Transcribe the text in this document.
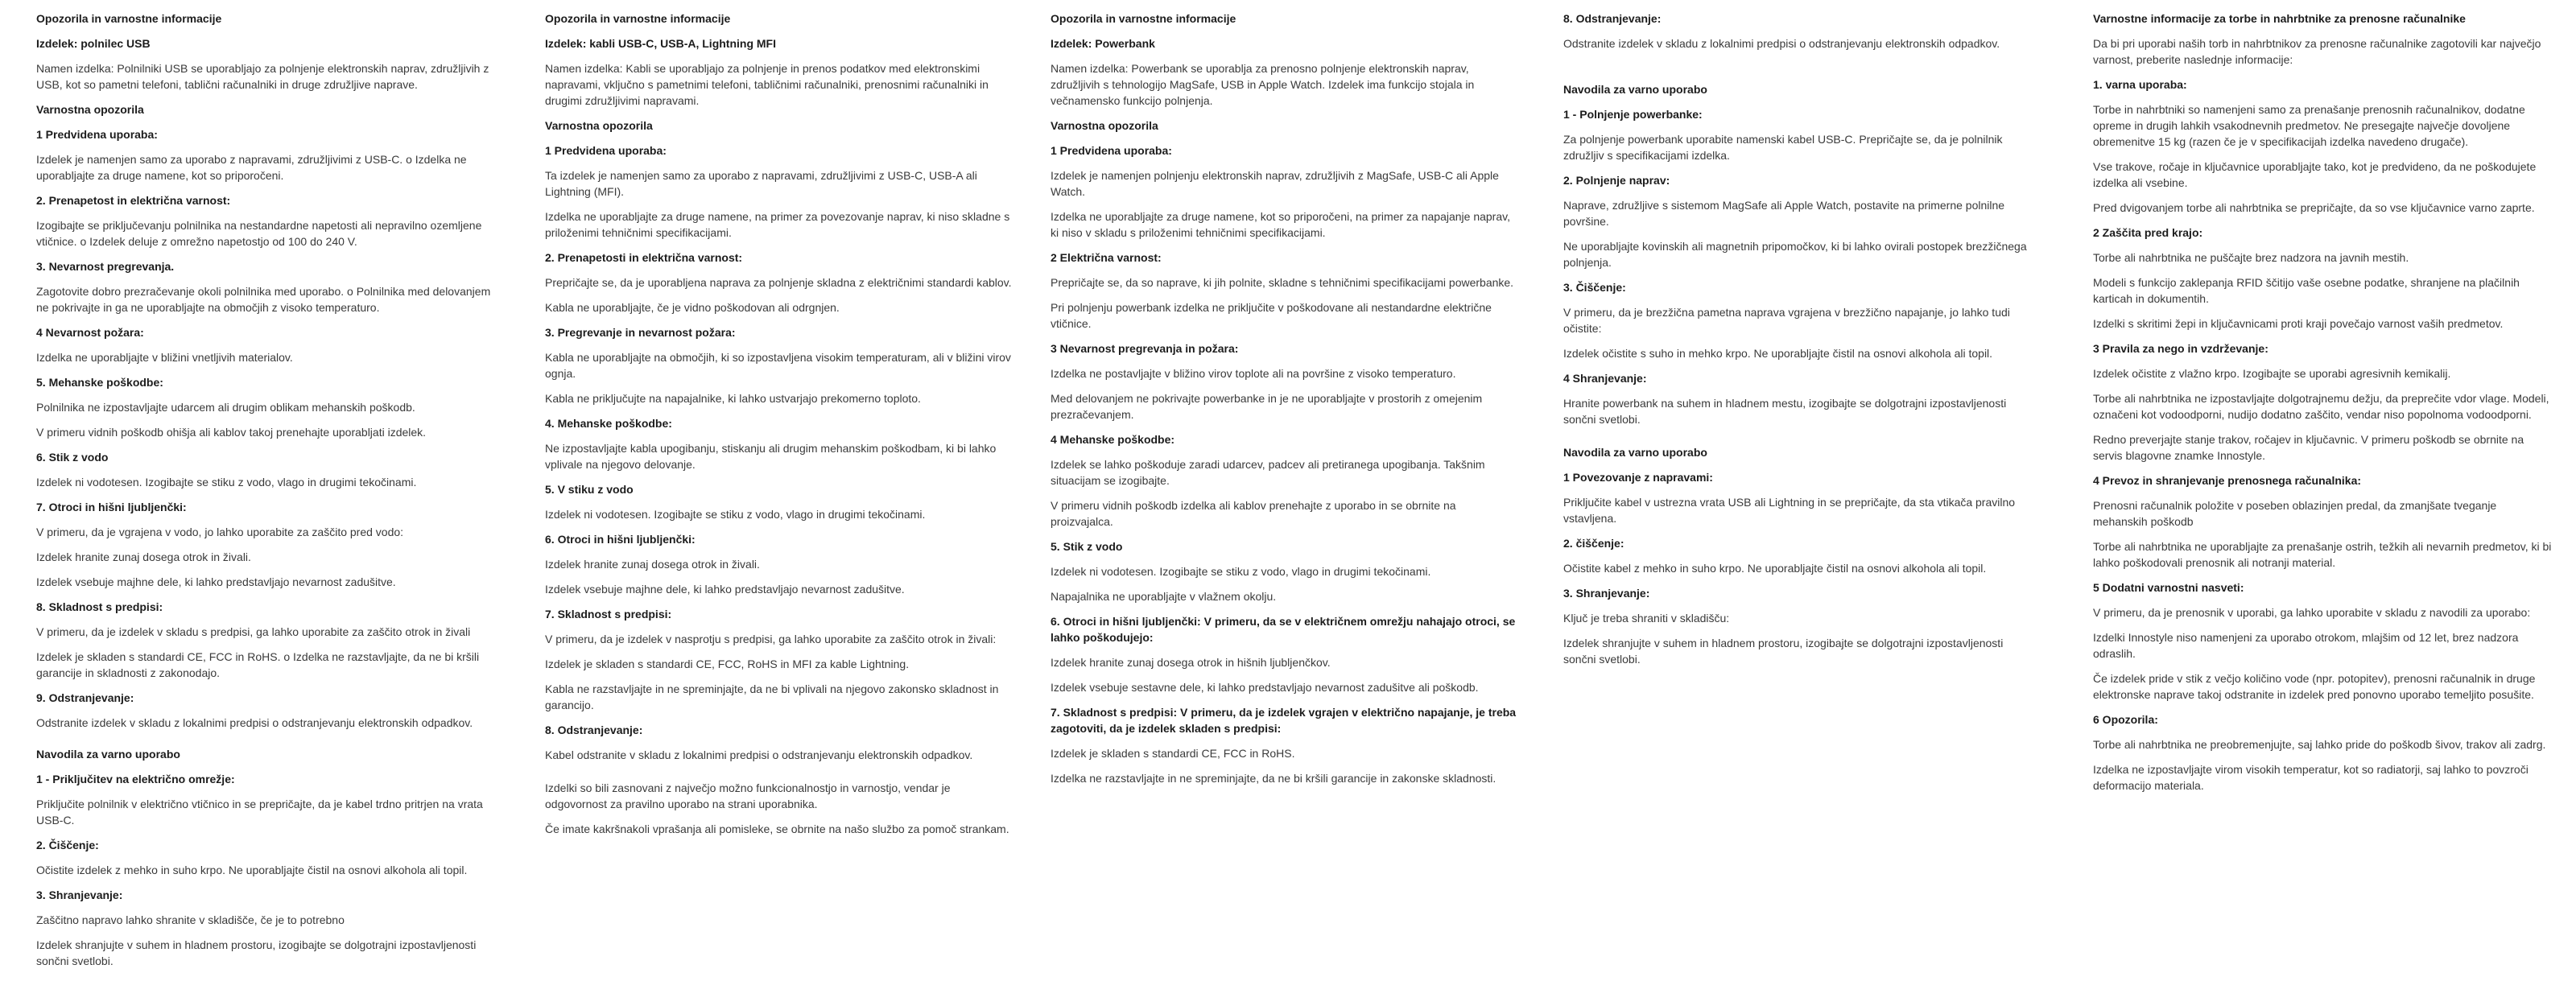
Opozorila in varnostne informacije
Izdelek: polnilec USB
Namen izdelka: Polnilniki USB se uporabljajo za polnjenje elektronskih naprav, združljivih z USB, kot so pametni telefoni, tablični računalniki in druge združljive naprave.
Varnostna opozorila
1 Predvidena uporaba:
Izdelek je namenjen samo za uporabo z napravami, združljivimi z USB-C. o Izdelka ne uporabljajte za druge namene, kot so priporočeni.
2. Prenapetost in električna varnost:
Izogibajte se priključevanju polnilnika na nestandardne napetosti ali nepravilno ozemljene vtičnice. o Izdelek deluje z omrežno napetostjo od 100 do 240 V.
3. Nevarnost pregrevanja.
Zagotovite dobro prezračevanje okoli polnilnika med uporabo. o Polnilnika med delovanjem ne pokrivajte in ga ne uporabljajte na območjih z visoko temperaturo.
4 Nevarnost požara:
Izdelka ne uporabljajte v bližini vnetljivih materialov.
5. Mehanske poškodbe:
Polnilnika ne izpostavljajte udarcem ali drugim oblikam mehanskih poškodb.
V primeru vidnih poškodb ohišja ali kablov takoj prenehajte uporabljati izdelek.
6. Stik z vodo
Izdelek ni vodotesen. Izogibajte se stiku z vodo, vlago in drugimi tekočinami.
7. Otroci in hišni ljubljenčki:
V primeru, da je vgrajena v vodo, jo lahko uporabite za zaščito pred vodo:
Izdelek hranite zunaj dosega otrok in živali.
Izdelek vsebuje majhne dele, ki lahko predstavljajo nevarnost zadušitve.
8. Skladnost s predpisi:
V primeru, da je izdelek v skladu s predpisi, ga lahko uporabite za zaščito otrok in živali
Izdelek je skladen s standardi CE, FCC in RoHS. o Izdelka ne razstavljajte, da ne bi kršili garancije in skladnosti z zakonodajo.
9. Odstranjevanje:
Odstranite izdelek v skladu z lokalnimi predpisi o odstranjevanju elektronskih odpadkov.
Navodila za varno uporabo
1 - Priključitev na električno omrežje:
Priključite polnilnik v električno vtičnico in se prepričajte, da je kabel trdno pritrjen na vrata USB-C.
2. Čiščenje:
Očistite izdelek z mehko in suho krpo. Ne uporabljajte čistil na osnovi alkohola ali topil.
3. Shranjevanje:
Zaščitno napravo lahko shranite v skladišče, če je to potrebno
Izdelek shranjujte v suhem in hladnem prostoru, izogibajte se dolgotrajni izpostavljenosti sončni svetlobi.
Opozorila in varnostne informacije
Izdelek: kabli USB-C, USB-A, Lightning MFI
Namen izdelka: Kabli se uporabljajo za polnjenje in prenos podatkov med elektronskimi napravami, vključno s pametnimi telefoni, tabličnimi računalniki, prenosnimi računalniki in drugimi združljivimi napravami.
Varnostna opozorila
1 Predvidena uporaba:
Ta izdelek je namenjen samo za uporabo z napravami, združljivimi z USB-C, USB-A ali Lightning (MFI).
Izdelka ne uporabljajte za druge namene, na primer za povezovanje naprav, ki niso skladne s priloženimi tehničnimi specifikacijami.
2. Prenapetosti in električna varnost:
Prepričajte se, da je uporabljena naprava za polnjenje skladna z električnimi standardi kablov.
Kabla ne uporabljajte, če je vidno poškodovan ali odrgnjen.
3. Pregrevanje in nevarnost požara:
Kabla ne uporabljajte na območjih, ki so izpostavljena visokim temperaturam, ali v bližini virov ognja.
Kabla ne priključujte na napajalnike, ki lahko ustvarjajo prekomerno toploto.
4. Mehanske poškodbe:
Ne izpostavljajte kabla upogibanju, stiskanju ali drugim mehanskim poškodbam, ki bi lahko vplivale na njegovo delovanje.
5. V stiku z vodo
Izdelek ni vodotesen. Izogibajte se stiku z vodo, vlago in drugimi tekočinami.
6. Otroci in hišni ljubljenčki:
Izdelek hranite zunaj dosega otrok in živali.
Izdelek vsebuje majhne dele, ki lahko predstavljajo nevarnost zadušitve.
7. Skladnost s predpisi:
V primeru, da je izdelek v nasprotju s predpisi, ga lahko uporabite za zaščito otrok in živali:
Izdelek je skladen s standardi CE, FCC, RoHS in MFI za kable Lightning.
Kabla ne razstavljajte in ne spreminjajte, da ne bi vplivali na njegovo zakonsko skladnost in garancijo.
8. Odstranjevanje:
Kabel odstranite v skladu z lokalnimi predpisi o odstranjevanju elektronskih odpadkov.
Izdelki so bili zasnovani z največjo možno funkcionalnostjo in varnostjo, vendar je odgovornost za pravilno uporabo na strani uporabnika.
Če imate kakršnakoli vprašanja ali pomisleke, se obrnite na našo službo za pomoč strankam.
Opozorila in varnostne informacije
Izdelek: Powerbank
Namen izdelka: Powerbank se uporablja za prenosno polnjenje elektronskih naprav, združljivih s tehnologijo MagSafe, USB in Apple Watch. Izdelek ima funkcijo stojala in večnamensko funkcijo polnjenja.
Varnostna opozorila
1 Predvidena uporaba:
Izdelek je namenjen polnjenju elektronskih naprav, združljivih z MagSafe, USB-C ali Apple Watch.
Izdelka ne uporabljajte za druge namene, kot so priporočeni, na primer za napajanje naprav, ki niso v skladu s priloženimi tehničnimi specifikacijami.
2 Električna varnost:
Prepričajte se, da so naprave, ki jih polnite, skladne s tehničnimi specifikacijami powerbanke.
Pri polnjenju powerbank izdelka ne priključite v poškodovane ali nestandardne električne vtičnice.
3 Nevarnost pregrevanja in požara:
Izdelka ne postavljajte v bližino virov toplote ali na površine z visoko temperaturo.
Med delovanjem ne pokrivajte powerbanke in je ne uporabljajte v prostorih z omejenim prezračevanjem.
4 Mehanske poškodbe:
Izdelek se lahko poškoduje zaradi udarcev, padcev ali pretiranega upogibanja. Takšnim situacijam se izogibajte.
V primeru vidnih poškodb izdelka ali kablov prenehajte z uporabo in se obrnite na proizvajalca.
5. Stik z vodo
Izdelek ni vodotesen. Izogibajte se stiku z vodo, vlago in drugimi tekočinami.
Napajalnika ne uporabljajte v vlažnem okolju.
6. Otroci in hišni ljubljenčki: V primeru, da se v električnem omrežju nahajajo otroci, se lahko poškodujejo:
Izdelek hranite zunaj dosega otrok in hišnih ljubljenčkov.
Izdelek vsebuje sestavne dele, ki lahko predstavljajo nevarnost zadušitve ali poškodb.
7. Skladnost s predpisi: V primeru, da je izdelek vgrajen v električno napajanje, je treba zagotoviti, da je izdelek skladen s predpisi:
Izdelek je skladen s standardi CE, FCC in RoHS.
Izdelka ne razstavljajte in ne spreminjajte, da ne bi kršili garancije in zakonske skladnosti.
8. Odstranjevanje:
Odstranite izdelek v skladu z lokalnimi predpisi o odstranjevanju elektronskih odpadkov.
Navodila za varno uporabo
1 - Polnjenje powerbanke:
Za polnjenje powerbank uporabite namenski kabel USB-C. Prepričajte se, da je polnilnik združljiv s specifikacijami izdelka.
2. Polnjenje naprav:
Naprave, združljive s sistemom MagSafe ali Apple Watch, postavite na primerne polnilne površine.
Ne uporabljajte kovinskih ali magnetnih pripomočkov, ki bi lahko ovirali postopek brezžičnega polnjenja.
3. Čiščenje:
V primeru, da je brezžična pametna naprava vgrajena v brezžično napajanje, jo lahko tudi očistite:
Izdelek očistite s suho in mehko krpo. Ne uporabljajte čistil na osnovi alkohola ali topil.
4 Shranjevanje:
Hranite powerbank na suhem in hladnem mestu, izogibajte se dolgotrajni izpostavljenosti sončni svetlobi.
Navodila za varno uporabo
1 Povezovanje z napravami:
Priključite kabel v ustrezna vrata USB ali Lightning in se prepričajte, da sta vtikača pravilno vstavljena.
2. čiščenje:
Očistite kabel z mehko in suho krpo. Ne uporabljajte čistil na osnovi alkohola ali topil.
3. Shranjevanje:
Ključ je treba shraniti v skladišču:
Izdelek shranjujte v suhem in hladnem prostoru, izogibajte se dolgotrajni izpostavljenosti sončni svetlobi.
Varnostne informacije za torbe in nahrbtnike za prenosne računalnike
Da bi pri uporabi naših torb in nahrbtnikov za prenosne računalnike zagotovili kar največjo varnost, preberite naslednje informacije:
1. varna uporaba:
Torbe in nahrbtniki so namenjeni samo za prenašanje prenosnih računalnikov, dodatne opreme in drugih lahkih vsakodnevnih predmetov. Ne presegajte največje dovoljene obremenitve 15 kg (razen če je v specifikacijah izdelka navedeno drugače).
Vse trakove, ročaje in ključavnice uporabljajte tako, kot je predvideno, da ne poškodujete izdelka ali vsebine.
Pred dvigovanjem torbe ali nahrbtnika se prepričajte, da so vse ključavnice varno zaprte.
2 Zaščita pred krajo:
Torbe ali nahrbtnika ne puščajte brez nadzora na javnih mestih.
Modeli s funkcijo zaklepanja RFID ščitijo vaše osebne podatke, shranjene na plačilnih karticah in dokumentih.
Izdelki s skritimi žepi in ključavnicami proti kraji povečajo varnost vaših predmetov.
3 Pravila za nego in vzdrževanje:
Izdelek očistite z vlažno krpo. Izogibajte se uporabi agresivnih kemikalij.
Torbe ali nahrbtnika ne izpostavljajte dolgotrajnemu dežju, da preprečite vdor vlage. Modeli, označeni kot vodoodporni, nudijo dodatno zaščito, vendar niso popolnoma vodoodporni.
Redno preverjajte stanje trakov, ročajev in ključavnic. V primeru poškodb se obrnite na servis blagovne znamke Innostyle.
4 Prevoz in shranjevanje prenosnega računalnika:
Prenosni računalnik položite v poseben oblazinjen predal, da zmanjšate tveganje mehanskih poškodb
Torbe ali nahrbtnika ne uporabljajte za prenašanje ostrih, težkih ali nevarnih predmetov, ki bi lahko poškodovali prenosnik ali notranji material.
5 Dodatni varnostni nasveti:
V primeru, da je prenosnik v uporabi, ga lahko uporabite v skladu z navodili za uporabo:
Izdelki Innostyle niso namenjeni za uporabo otrokom, mlajšim od 12 let, brez nadzora odraslih.
Če izdelek pride v stik z večjo količino vode (npr. potopitev), prenosni računalnik in druge elektronske naprave takoj odstranite in izdelek pred ponovno uporabo temeljito posušite.
6 Opozorila:
Torbe ali nahrbtnika ne preobremenjujte, saj lahko pride do poškodb šivov, trakov ali zadrg.
Izdelka ne izpostavljajte virom visokih temperatur, kot so radiatorji, saj lahko to povzroči deformacijo materiala.
